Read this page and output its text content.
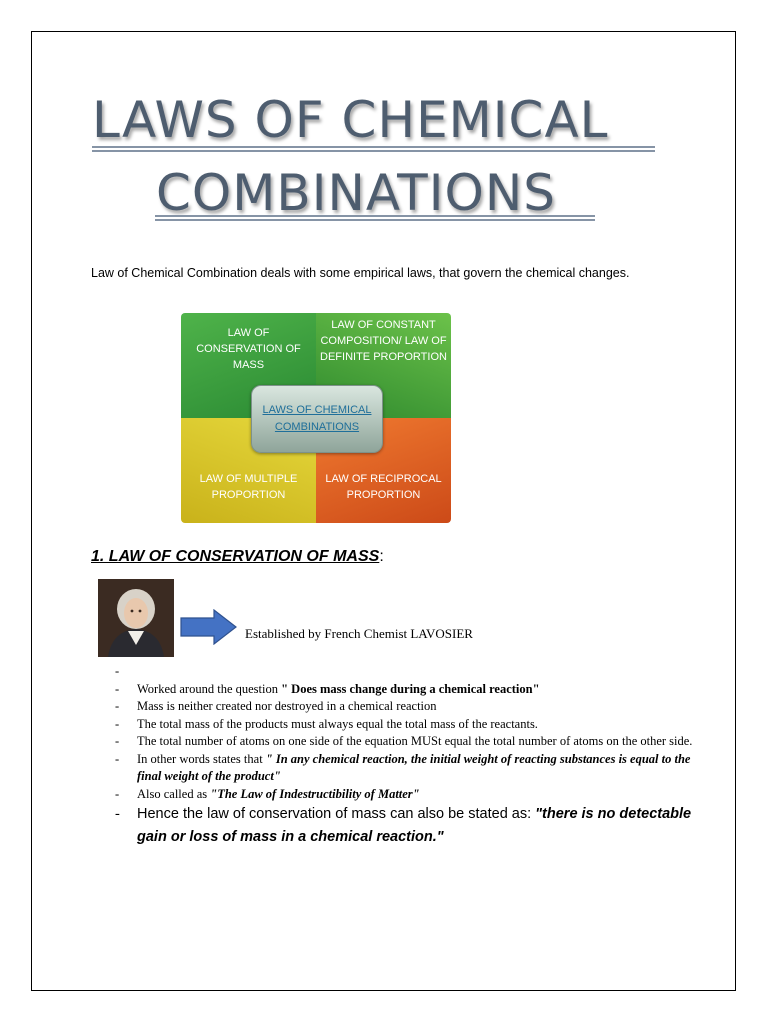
LAWS OF CHEMICAL
COMBINATIONS
Law of Chemical Combination deals with some empirical laws, that govern the chemical changes.
LAW OF CONSERVATION OF MASS
LAW OF CONSTANT COMPOSITION/ LAW OF DEFINITE PROPORTION
LAW OF MULTIPLE PROPORTION
LAW OF RECIPROCAL PROPORTION
LAWS OF CHEMICAL COMBINATIONS
1. LAW OF CONSERVATION OF MASS:
Established by French Chemist LAVOSIER
-

- Worked around the question " Does mass change during a chemical reaction"
- Mass is neither created nor destroyed in a chemical reaction
- The total mass of the products must always equal the total mass of the reactants.
- The total number of atoms on one side of the equation MUSt equal the total number of atoms on the other side.
- In other words states that " In any chemical reaction, the initial weight of reacting substances is equal to the final weight of the product"
- Also called as "The Law of Indestructibility of Matter"
- Hence the law of conservation of mass can also be stated as: "there is no detectable gain or loss of mass in a chemical reaction."
